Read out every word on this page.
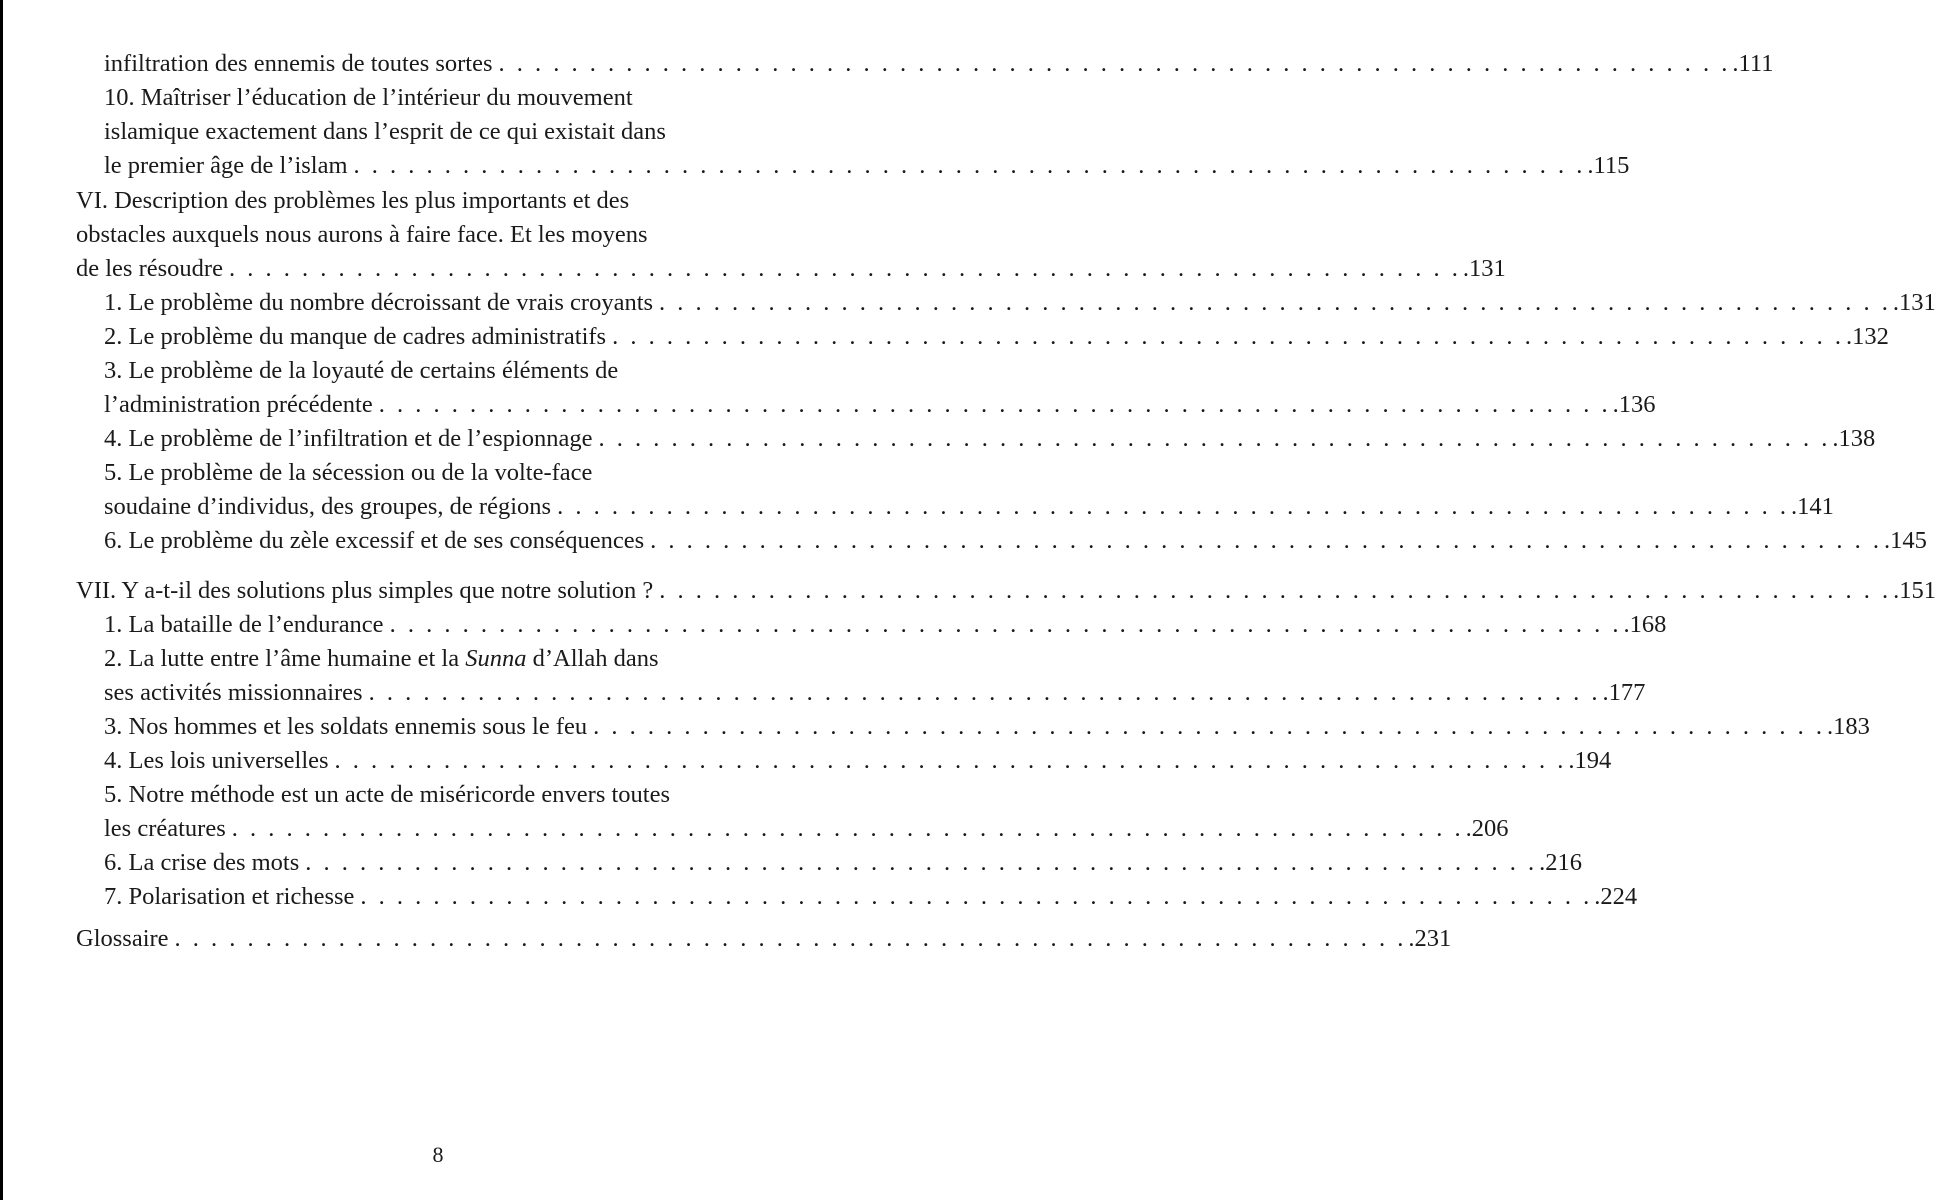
infiltration des ennemis de toutes sortes . . . . . . . . . . . . . . . . . . . . . . . . . . . . . . . . . . . . . . . . . . . . . . . . . . . . . . . . . . . . . . . . . . . . .111
10. Maîtriser l’éducation de l’intérieur du mouvement
islamique exactement dans l’esprit de ce qui existait dans
le premier âge de l’islam . . . . . . . . . . . . . . . . . . . . . . . . . . . . . . . . . . . . . . . . . . . . . . . . . . . . . . . . . . . . . . . . . . . . .115
VI. Description des problèmes les plus importants et des
obstacles auxquels nous aurons à faire face. Et les moyens
de les résoudre . . . . . . . . . . . . . . . . . . . . . . . . . . . . . . . . . . . . . . . . . . . . . . . . . . . . . . . . . . . . . . . . . . . . .131
1. Le problème du nombre décroissant de vrais croyants . . . . . . . . . . . . . . . . . . . . . . . . . . . . . . . . . . . . . . . . . . . . . . . . . . . . . . . . . . . . . . . . . . . . .131
2. Le problème du manque de cadres administratifs . . . . . . . . . . . . . . . . . . . . . . . . . . . . . . . . . . . . . . . . . . . . . . . . . . . . . . . . . . . . . . . . . . . . .132
3. Le problème de la loyauté de certains éléments de
l’administration précédente . . . . . . . . . . . . . . . . . . . . . . . . . . . . . . . . . . . . . . . . . . . . . . . . . . . . . . . . . . . . . . . . . . . . .136
4. Le problème de l’infiltration et de l’espionnage . . . . . . . . . . . . . . . . . . . . . . . . . . . . . . . . . . . . . . . . . . . . . . . . . . . . . . . . . . . . . . . . . . . . .138
5. Le problème de la sécession ou de la volte-face
soudaine d’individus, des groupes, de régions . . . . . . . . . . . . . . . . . . . . . . . . . . . . . . . . . . . . . . . . . . . . . . . . . . . . . . . . . . . . . . . . . . . . .141
6. Le problème du zèle excessif et de ses conséquences . . . . . . . . . . . . . . . . . . . . . . . . . . . . . . . . . . . . . . . . . . . . . . . . . . . . . . . . . . . . . . . . . . . . .145
VII. Y a-t-il des solutions plus simples que notre solution ? . . . . . . . . . . . . . . . . . . . . . . . . . . . . . . . . . . . . . . . . . . . . . . . . . . . . . . . . . . . . . . . . . . . . .151
1. La bataille de l’endurance . . . . . . . . . . . . . . . . . . . . . . . . . . . . . . . . . . . . . . . . . . . . . . . . . . . . . . . . . . . . . . . . . . . . .168
2. La lutte entre l’âme humaine et la Sunna d’Allah dans
ses activités missionnaires . . . . . . . . . . . . . . . . . . . . . . . . . . . . . . . . . . . . . . . . . . . . . . . . . . . . . . . . . . . . . . . . . . . . .177
3. Nos hommes et les soldats ennemis sous le feu . . . . . . . . . . . . . . . . . . . . . . . . . . . . . . . . . . . . . . . . . . . . . . . . . . . . . . . . . . . . . . . . . . . . .183
4. Les lois universelles . . . . . . . . . . . . . . . . . . . . . . . . . . . . . . . . . . . . . . . . . . . . . . . . . . . . . . . . . . . . . . . . . . . . .194
5. Notre méthode est un acte de miséricorde envers toutes
les créatures . . . . . . . . . . . . . . . . . . . . . . . . . . . . . . . . . . . . . . . . . . . . . . . . . . . . . . . . . . . . . . . . . . . . .206
6. La crise des mots . . . . . . . . . . . . . . . . . . . . . . . . . . . . . . . . . . . . . . . . . . . . . . . . . . . . . . . . . . . . . . . . . . . . .216
7. Polarisation et richesse . . . . . . . . . . . . . . . . . . . . . . . . . . . . . . . . . . . . . . . . . . . . . . . . . . . . . . . . . . . . . . . . . . . . .224
Glossaire . . . . . . . . . . . . . . . . . . . . . . . . . . . . . . . . . . . . . . . . . . . . . . . . . . . . . . . . . . . . . . . . . . . . .231
8
